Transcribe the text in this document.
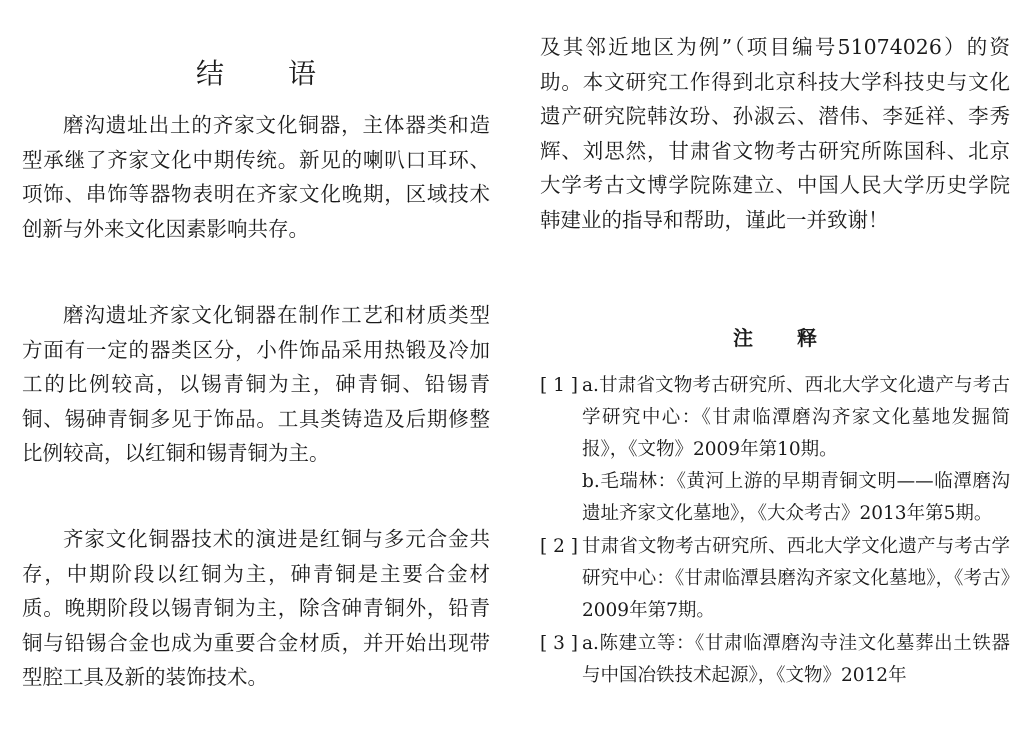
结 语

磨沟遗址出土的齐家文化铜器，主体器类和造型承继了齐家文化中期传统。新见的喇叭口耳环、项饰、串饰等器物表明在齐家文化晚期，区域技术创新与外来文化因素影响共存。

磨沟遗址齐家文化铜器在制作工艺和材质类型方面有一定的器类区分，小件饰品采用热锻及冷加工的比例较高，以锡青铜为主，砷青铜、铅锡青铜、锡砷青铜多见于饰品。工具类铸造及后期修整比例较高，以红铜和锡青铜为主。

齐家文化铜器技术的演进是红铜与多元合金共存，中期阶段以红铜为主，砷青铜是主要合金材质。晚期阶段以锡青铜为主，除含砷青铜外，铅青铜与铅锡合金也成为重要合金材质，并开始出现带型腔工具及新的装饰技术。

及其邻近地区为例”（项目编号51074026）的资助。本文研究工作得到北京科技大学科技史与文化遗产研究院韩汝玢、孙淑云、潜伟、李延祥、李秀辉、刘思然，甘肃省文物考古研究所陈国科、北京大学考古文博学院陈建立、中国人民大学历史学院韩建业的指导和帮助，谨此一并致谢！

注 释
[ 1 ] a.甘肃省文物考古研究所、西北大学文化遗产与考古学研究中心：《甘肃临潭磨沟齐家文化墓地发掘简报》，《文物》2009年第10期。
b.毛瑞林：《黄河上游的早期青铜文明——临潭磨沟遗址齐家文化墓地》，《大众考古》2013年第5期。
[ 2 ] 甘肃省文物考古研究所、西北大学文化遗产与考古学研究中心：《甘肃临潭县磨沟齐家文化墓地》，《考古》2009年第7期。
[ 3 ] a.陈建立等：《甘肃临潭磨沟寺洼文化墓葬出土铁器与中国冶铁技术起源》，《文物》2012年
